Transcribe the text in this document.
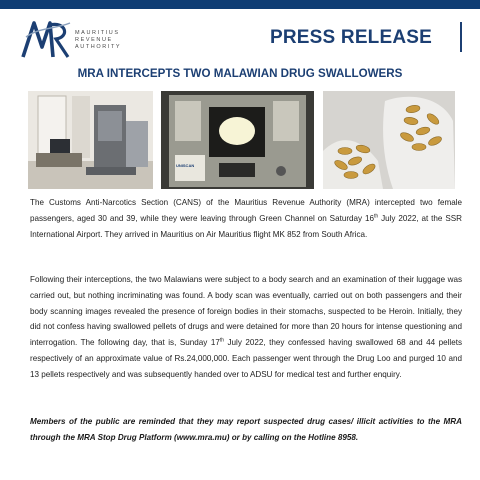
MAURITIUS
REVENUE
AUTHORITY	PRESS RELEASE
MRA INTERCEPTS TWO MALAWIAN DRUG SWALLOWERS
UNISCAN
The Customs Anti-Narcotics Section (CANS) of the Mauritius Revenue Authority (MRA) intercepted two female passengers, aged 30 and 39, while they were leaving through Green Channel on Saturday 16th July 2022, at the SSR International Airport. They arrived in Mauritius on Air Mauritius flight MK 852 from South Africa.
Following their interceptions, the two Malawians were subject to a body search and an examination of their luggage was carried out, but nothing incriminating was found. A body scan was eventually, carried out on both passengers and their body scanning images revealed the presence of foreign bodies in their stomachs, suspected to be Heroin. Initially, they did not confess having swallowed pellets of drugs and were detained for more than 20 hours for intense questioning and interrogation. The following day, that is, Sunday 17th July 2022, they confessed having swallowed 68 and 44 pellets respectively of an approximate value of Rs.24,000,000. Each passenger went through the Drug Loo and purged 10 and 13 pellets respectively and was subsequently handed over to ADSU for medical test and further enquiry.
Members of the public are reminded that they may report suspected drug cases/ illicit activities to the MRA through the MRA Stop Drug Platform (www.mra.mu) or by calling on the Hotline 8958.
